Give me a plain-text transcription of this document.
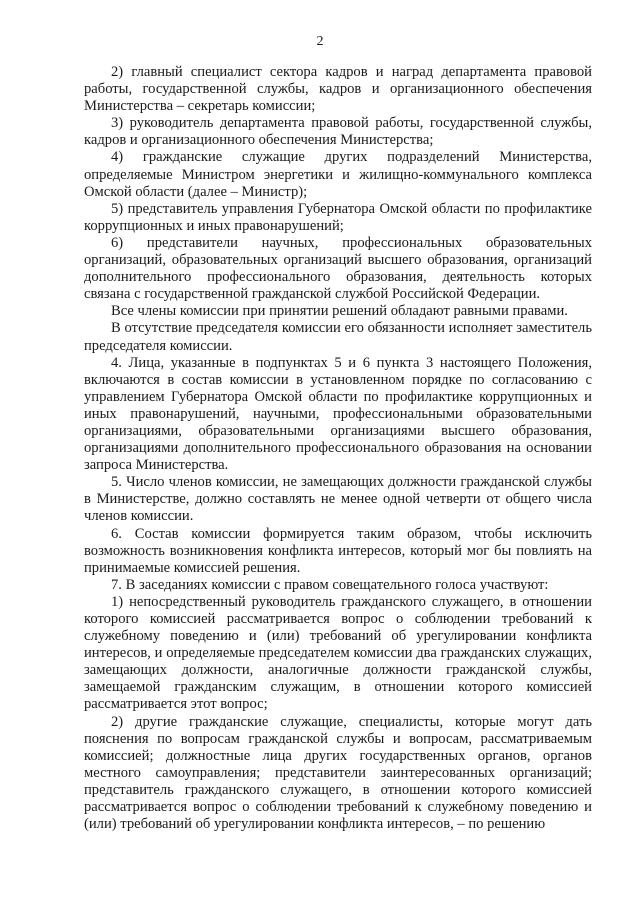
2

2) главный специалист сектора кадров и наград департамента правовой работы, государственной службы, кадров и организационного обеспечения Министерства – секретарь комиссии;

3) руководитель департамента правовой работы, государственной службы, кадров и организационного обеспечения Министерства;

4) гражданские служащие других подразделений Министерства, определяемые Министром энергетики и жилищно-коммунального комплекса Омской области (далее – Министр);

5) представитель управления Губернатора Омской области по профилактике коррупционных и иных правонарушений;

6) представители научных, профессиональных образовательных организаций, образовательных организаций высшего образования, организаций дополнительного профессионального образования, деятельность которых связана с государственной гражданской службой Российской Федерации.

Все члены комиссии при принятии решений обладают равными правами.

В отсутствие председателя комиссии его обязанности исполняет заместитель председателя комиссии.

4. Лица, указанные в подпунктах 5 и 6 пункта 3 настоящего Положения, включаются в состав комиссии в установленном порядке по согласованию с управлением Губернатора Омской области по профилактике коррупционных и иных правонарушений, научными, профессиональными образовательными организациями, образовательными организациями высшего образования, организациями дополнительного профессионального образования на основании запроса Министерства.

5. Число членов комиссии, не замещающих должности гражданской службы в Министерстве, должно составлять не менее одной четверти от общего числа членов комиссии.

6. Состав комиссии формируется таким образом, чтобы исключить возможность возникновения конфликта интересов, который мог бы повлиять на принимаемые комиссией решения.

7. В заседаниях комиссии с правом совещательного голоса участвуют:

1) непосредственный руководитель гражданского служащего, в отношении которого комиссией рассматривается вопрос о соблюдении требований к служебному поведению и (или) требований об урегулировании конфликта интересов, и определяемые председателем комиссии два гражданских служащих, замещающих должности, аналогичные должности гражданской службы, замещаемой гражданским служащим, в отношении которого комиссией рассматривается этот вопрос;

2) другие гражданские служащие, специалисты, которые могут дать пояснения по вопросам гражданской службы и вопросам, рассматриваемым комиссией; должностные лица других государственных органов, органов местного самоуправления; представители заинтересованных организаций; представитель гражданского служащего, в отношении которого комиссией рассматривается вопрос о соблюдении требований к служебному поведению и (или) требований об урегулировании конфликта интересов, – по решению
